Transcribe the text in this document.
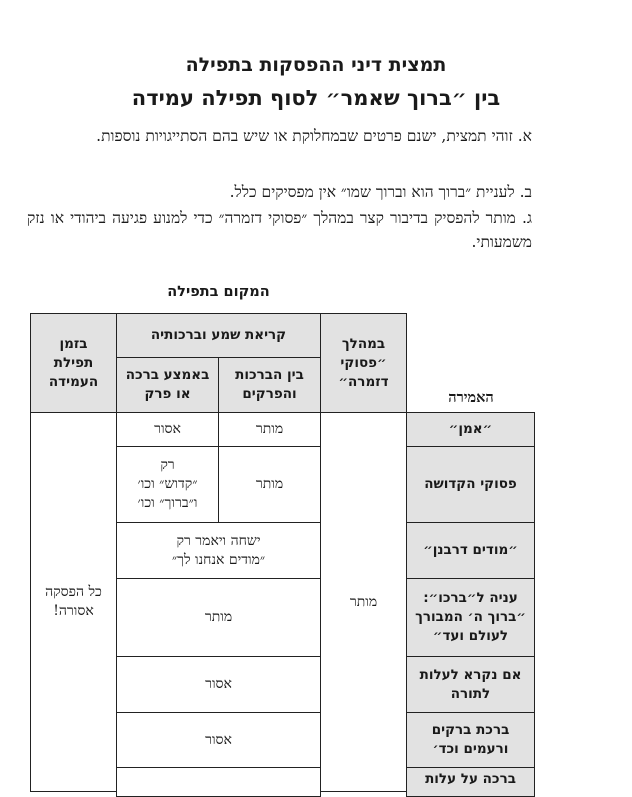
תמצית דיני ההפסקות בתפילה
בין ״ברוך שאמר״ לסוף תפילה עמידה
א. זוהי תמצית, ישנם פרטים שבמחלוקת או שיש בהם הסתייגויות נוספות.
ב. לעניית ״ברוך הוא וברוך שמו״ אין מפסיקים כלל.
ג. מותר להפסיק בדיבור קצר במהלך ״פסוקי דזמרה״ כדי למנוע פגיעה ביהודי או נזק משמעותי.
המקום בתפילה
האמירה
במהלך
״פסוקי
דזמרה״
קריאת שמע וברכותיה
בין הברכות
והפרקים
באמצע ברכה
או פרק
בזמן
תפילת
העמידה
מותר
כל הפסקה
אסורה!
״אמן״
מותר
אסור
פסוקי הקדושה
מותר
רק
״קדוש״ וכו׳
ו״ברוך״ וכו׳
״מודים דרבנן״
ישחה ויאמר רק
״מודים אנחנו לך״
עניה ל״ברכו״:
״ברוך ה׳ המבורך
לעולם ועד״
מותר
אם נקרא לעלות
לתורה
אסור
ברכת ברקים
ורעמים וכד׳
אסור
ברכה על עלות
